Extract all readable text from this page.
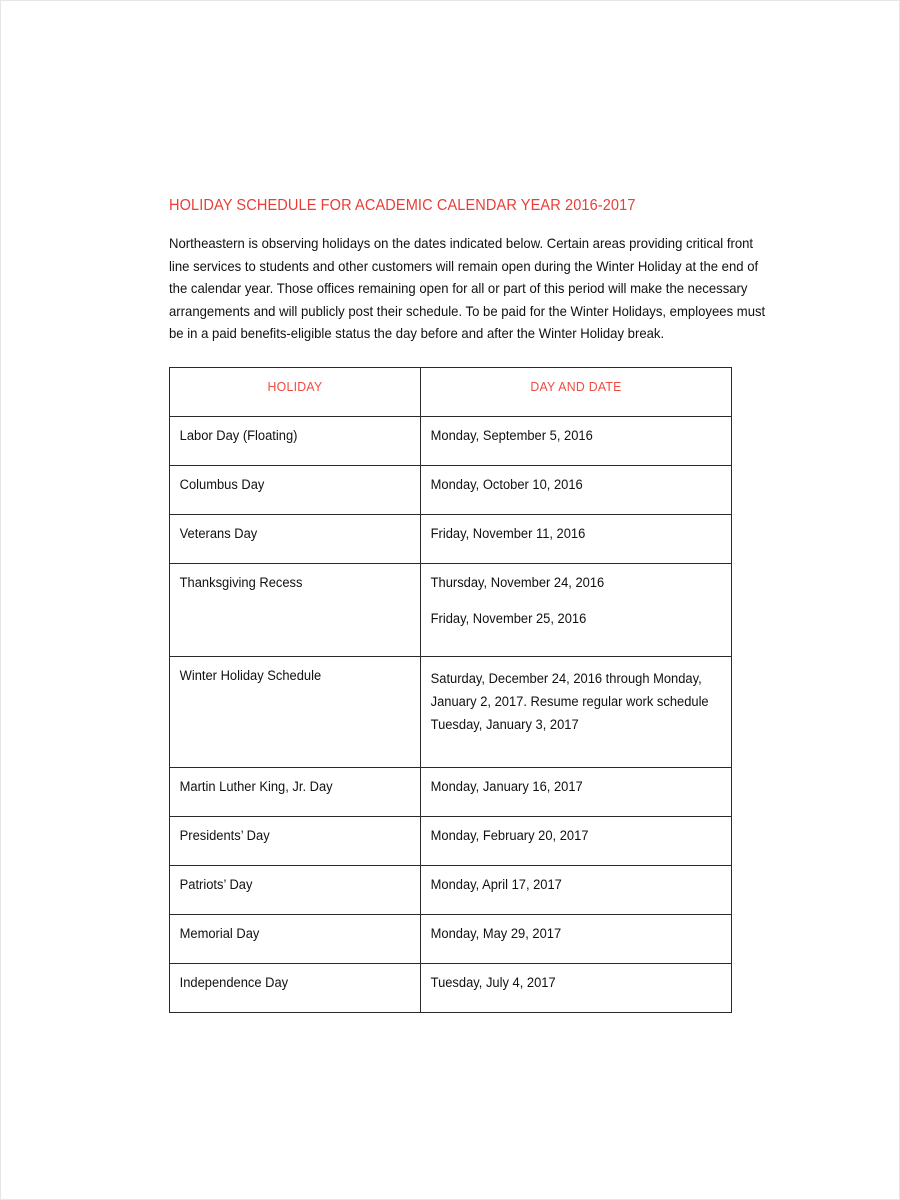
HOLIDAY SCHEDULE FOR ACADEMIC CALENDAR YEAR 2016-2017

Northeastern is observing holidays on the dates indicated below. Certain areas providing critical front

line services to students and other customers will remain open during the Winter Holiday at the end of

the calendar year. Those offices remaining open for all or part of this period will make the necessary

arrangements and will publicly post their schedule. To be paid for the Winter Holidays, employees must

be in a paid benefits-eligible status the day before and after the Winter Holiday break.

HOLIDAY	DAY AND DATE

Labor Day (Floating)	Monday, September 5, 2016

Columbus Day	Monday, October 10, 2016

Veterans Day	Friday, November 11, 2016

Thanksgiving Recess	Thursday, November 24, 2016
Friday, November 25, 2016

Winter Holiday Schedule	Saturday, December 24, 2016 through Monday, January 2, 2017. Resume regular work schedule Tuesday, January 3, 2017

Martin Luther King, Jr. Day	Monday, January 16, 2017

Presidents’ Day	Monday, February 20, 2017

Patriots’ Day	Monday, April 17, 2017

Memorial Day	Monday, May 29, 2017

Independence Day	Tuesday, July 4, 2017
